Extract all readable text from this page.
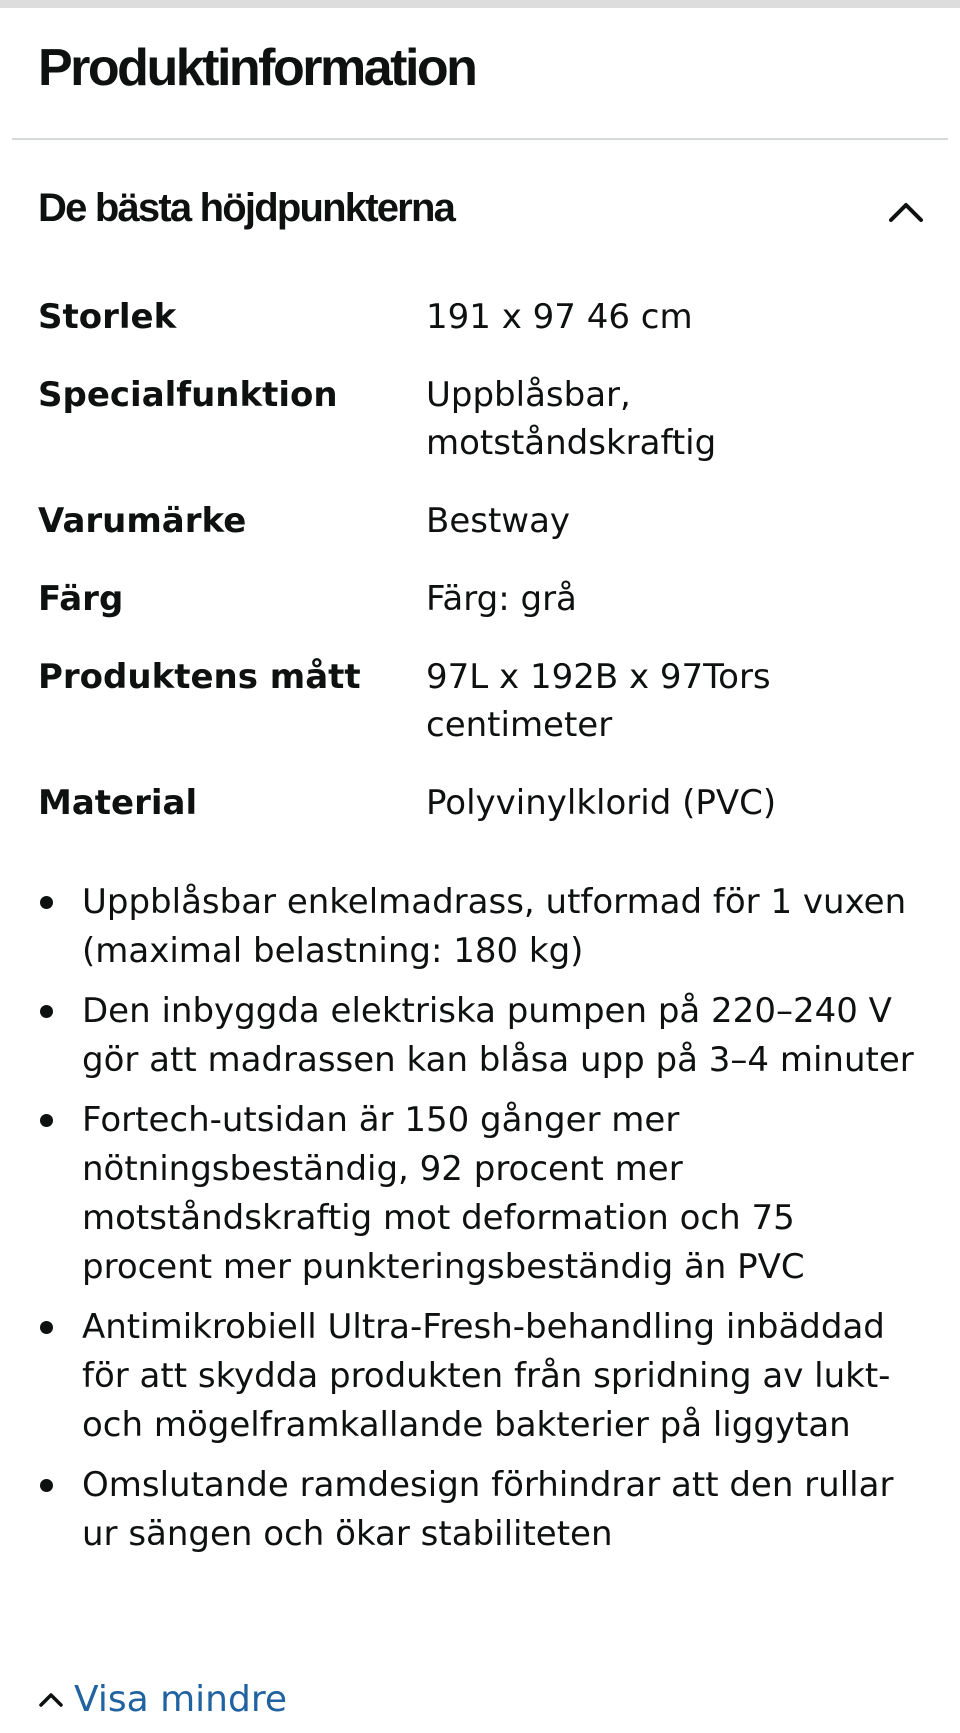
Produktinformation
De bästa höjdpunkterna
Storlek	191 x 97 46 cm
Specialfunktion	Uppblåsbar, motståndskraftig
Varumärke	Bestway
Färg	Färg: grå
Produktens mått	97L x 192B x 97Tors centimeter
Material	Polyvinylklorid (PVC)
Uppblåsbar enkelmadrass, utformad för 1 vuxen (maximal belastning: 180 kg)
Den inbyggda elektriska pumpen på 220–240 V gör att madrassen kan blåsa upp på 3–4 minuter
Fortech-utsidan är 150 gånger mer nötningsbeständig, 92 procent mer motståndskraftig mot deformation och 75 procent mer punkteringsbeständig än PVC
Antimikrobiell Ultra-Fresh-behandling inbäddad för att skydda produkten från spridning av lukt- och mögelframkallande bakterier på liggytan
Omslutande ramdesign förhindrar att den rullar ur sängen och ökar stabiliteten
Visa mindre
